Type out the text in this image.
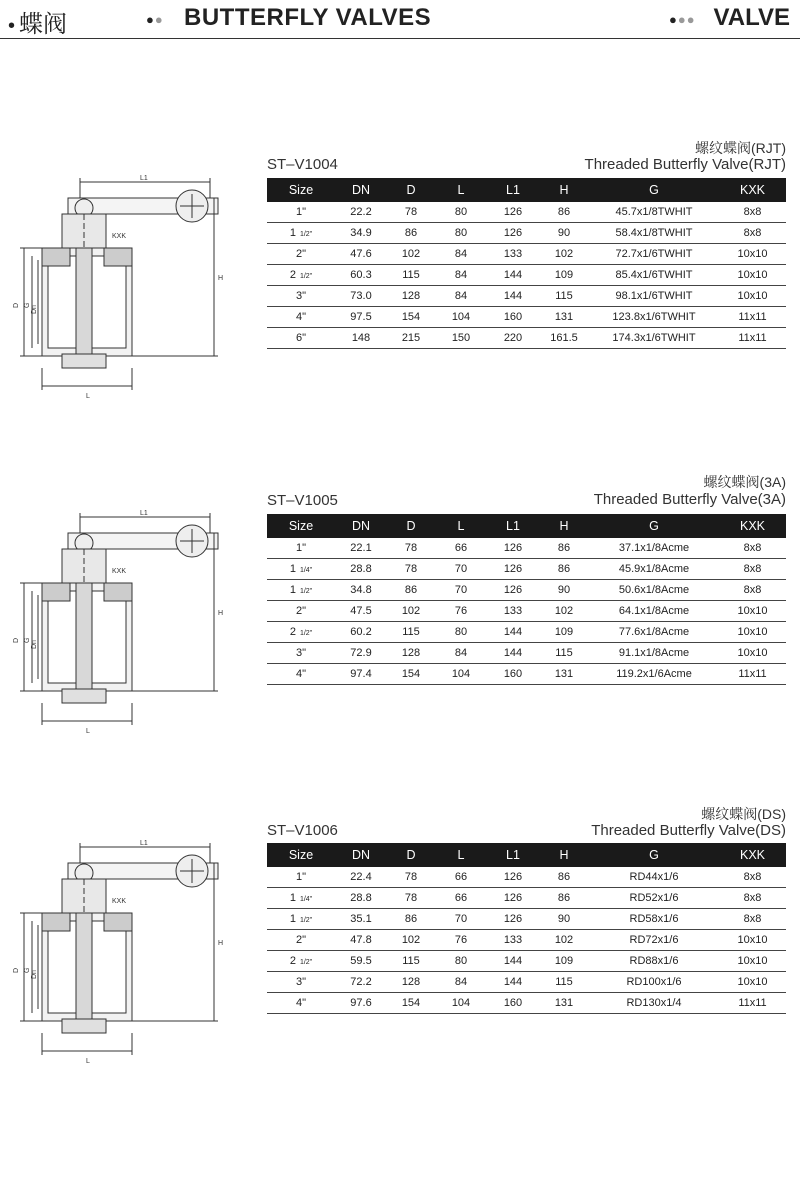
• 蝶阀	●● BUTTERFLY VALVES	●●● VALVE
ST–V1004
螺纹蝶阀(RJT)
Threaded Butterfly Valve(RJT)
L1
KXK
H
D G Dn
L
Size	DN	D	L	L1	H	G	KXK
1"	22.2	78	80	126	86	45.7x1/8TWHIT	8x8
1 1/2"	34.9	86	80	126	90	58.4x1/8TWHIT	8x8
2"	47.6	102	84	133	102	72.7x1/6TWHIT	10x10
2 1/2"	60.3	115	84	144	109	85.4x1/6TWHIT	10x10
3"	73.0	128	84	144	115	98.1x1/6TWHIT	10x10
4"	97.5	154	104	160	131	123.8x1/6TWHIT	11x11
6"	148	215	150	220	161.5	174.3x1/6TWHIT	11x11
ST–V1005
螺纹蝶阀(3A)
Threaded Butterfly Valve(3A)
L1
KXK
H
D G Dn
L
Size	DN	D	L	L1	H	G	KXK
1"	22.1	78	66	126	86	37.1x1/8Acme	8x8
1 1/4"	28.8	78	70	126	86	45.9x1/8Acme	8x8
1 1/2"	34.8	86	70	126	90	50.6x1/8Acme	8x8
2"	47.5	102	76	133	102	64.1x1/8Acme	10x10
2 1/2"	60.2	115	80	144	109	77.6x1/8Acme	10x10
3"	72.9	128	84	144	115	91.1x1/8Acme	10x10
4"	97.4	154	104	160	131	119.2x1/6Acme	11x11
ST–V1006
螺纹蝶阀(DS)
Threaded Butterfly Valve(DS)
L1
KXK
H
D G Dn
L
Size	DN	D	L	L1	H	G	KXK
1"	22.4	78	66	126	86	RD44x1/6	8x8
1 1/4"	28.8	78	66	126	86	RD52x1/6	8x8
1 1/2"	35.1	86	70	126	90	RD58x1/6	8x8
2"	47.8	102	76	133	102	RD72x1/6	10x10
2 1/2"	59.5	115	80	144	109	RD88x1/6	10x10
3"	72.2	128	84	144	115	RD100x1/6	10x10
4"	97.6	154	104	160	131	RD130x1/4	11x11
